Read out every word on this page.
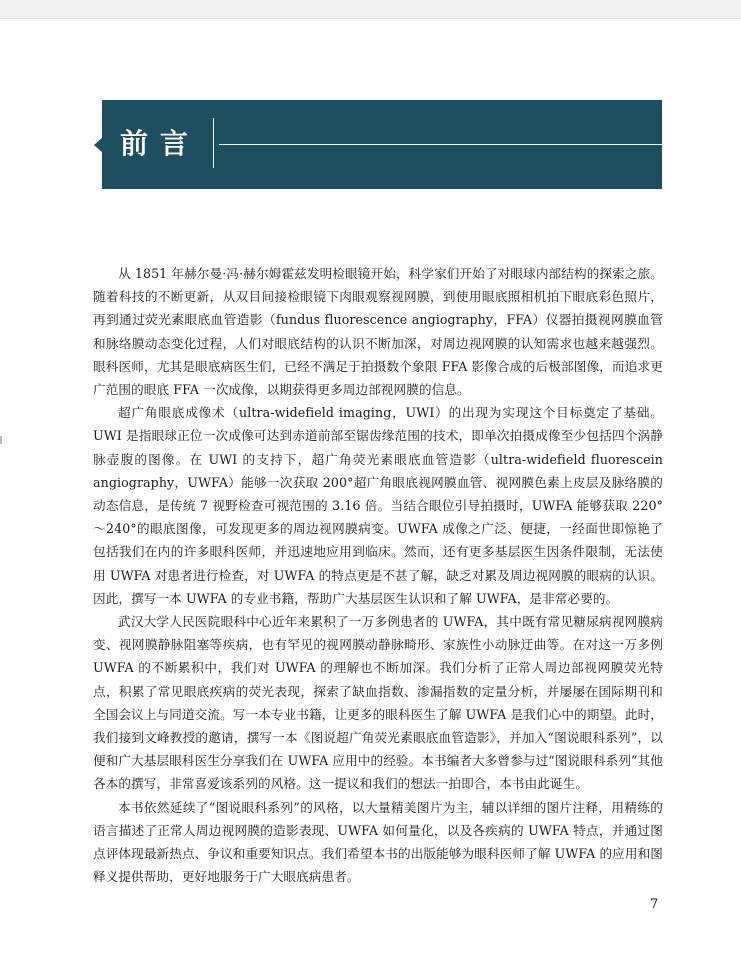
前言

从 1851 年赫尔曼·冯·赫尔姆霍兹发明检眼镜开始，科学家们开始了对眼球内部结构的探索之旅。随着科技的不断更新，从双目间接检眼镜下肉眼观察视网膜，到使用眼底照相机拍下眼底彩色照片，再到通过荧光素眼底血管造影（fundus fluorescence angiography，FFA）仪器拍摄视网膜血管和脉络膜动态变化过程，人们对眼底结构的认识不断加深，对周边视网膜的认知需求也越来越强烈。眼科医师，尤其是眼底病医生们，已经不满足于拍摄数个象限 FFA 影像合成的后极部图像，而追求更广范围的眼底 FFA 一次成像，以期获得更多周边部视网膜的信息。

超广角眼底成像术（ultra-widefield imaging，UWI）的出现为实现这个目标奠定了基础。UWI 是指眼球正位一次成像可达到赤道前部至锯齿缘范围的技术，即单次拍摄成像至少包括四个涡静脉壶腹的图像。在 UWI 的支持下，超广角荧光素眼底血管造影（ultra-widefield fluorescein angiography，UWFA）能够一次获取 200°超广角眼底视网膜血管、视网膜色素上皮层及脉络膜的动态信息，是传统 7 视野检查可视范围的 3.16 倍。当结合眼位引导拍摄时，UWFA 能够获取 220°～240°的眼底图像，可发现更多的周边视网膜病变。UWFA 成像之广泛、便捷，一经面世即惊艳了包括我们在内的许多眼科医师，并迅速地应用到临床。然而，还有更多基层医生因条件限制，无法使用 UWFA 对患者进行检查，对 UWFA 的特点更是不甚了解，缺乏对累及周边视网膜的眼病的认识。因此，撰写一本 UWFA 的专业书籍，帮助广大基层医生认识和了解 UWFA，是非常必要的。

武汉大学人民医院眼科中心近年来累积了一万多例患者的 UWFA，其中既有常见糖尿病视网膜病变、视网膜静脉阻塞等疾病，也有罕见的视网膜动静脉畸形、家族性小动脉迂曲等。在对这一万多例 UWFA 的不断累积中，我们对 UWFA 的理解也不断加深。我们分析了正常人周边部视网膜荧光特点，积累了常见眼底疾病的荧光表现，探索了缺血指数、渗漏指数的定量分析，并屡屡在国际期刊和全国会议上与同道交流。写一本专业书籍，让更多的眼科医生了解 UWFA 是我们心中的期望。此时，我们接到文峰教授的邀请，撰写一本《图说超广角荧光素眼底血管造影》，并加入“图说眼科系列”，以便和广大基层眼科医生分享我们在 UWFA 应用中的经验。本书编者大多曾参与过“图说眼科系列”其他各本的撰写，非常喜爱该系列的风格。这一提议和我们的想法一拍即合，本书由此诞生。

本书依然延续了“图说眼科系列”的风格，以大量精美图片为主，辅以详细的图片注释，用精练的语言描述了正常人周边视网膜的造影表现、UWFA 如何量化，以及各疾病的 UWFA 特点，并通过图点评体现最新热点、争议和重要知识点。我们希望本书的出版能够为眼科医师了解 UWFA 的应用和图释义提供帮助，更好地服务于广大眼底病患者。

7
